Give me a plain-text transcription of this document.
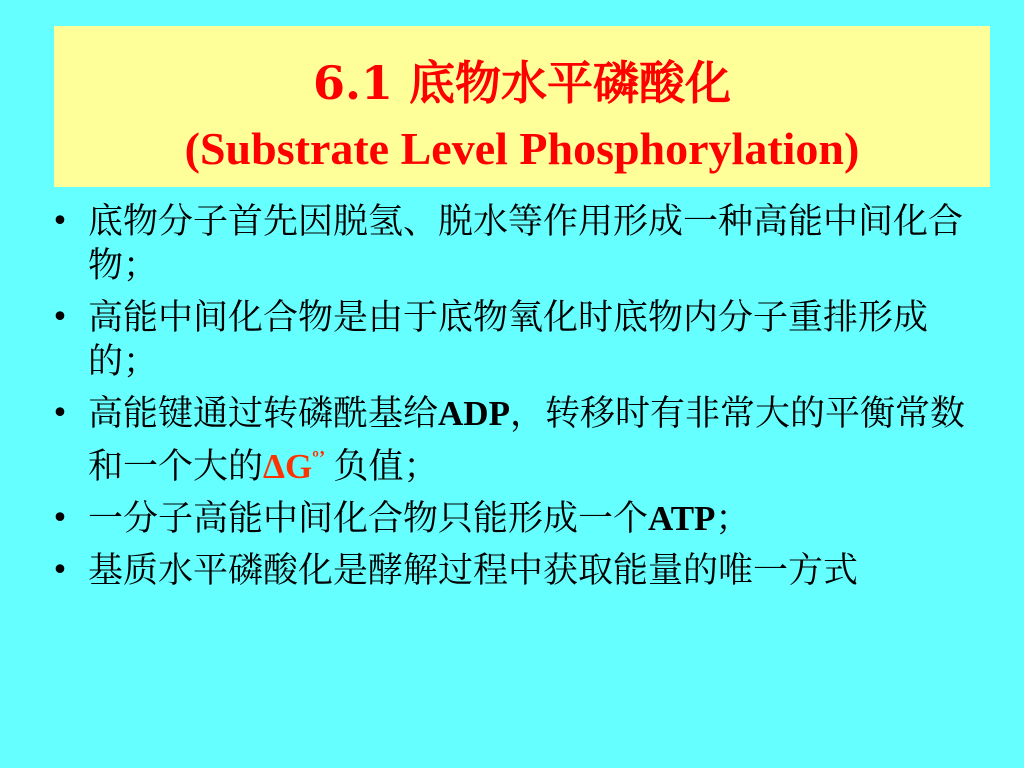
6.1 底物水平磷酸化
(Substrate Level Phosphorylation)
• 底物分子首先因脱氢、脱水等作用形成一种高能中间化合物；
• 高能中间化合物是由于底物氧化时底物内分子重排形成的；
• 高能键通过转磷酰基给ADP，转移时有非常大的平衡常数和一个大的$\Delta G^{º’}$ 负值；
• 一分子高能中间化合物只能形成一个ATP；
• 基质水平磷酸化是酵解过程中获取能量的唯一方式
